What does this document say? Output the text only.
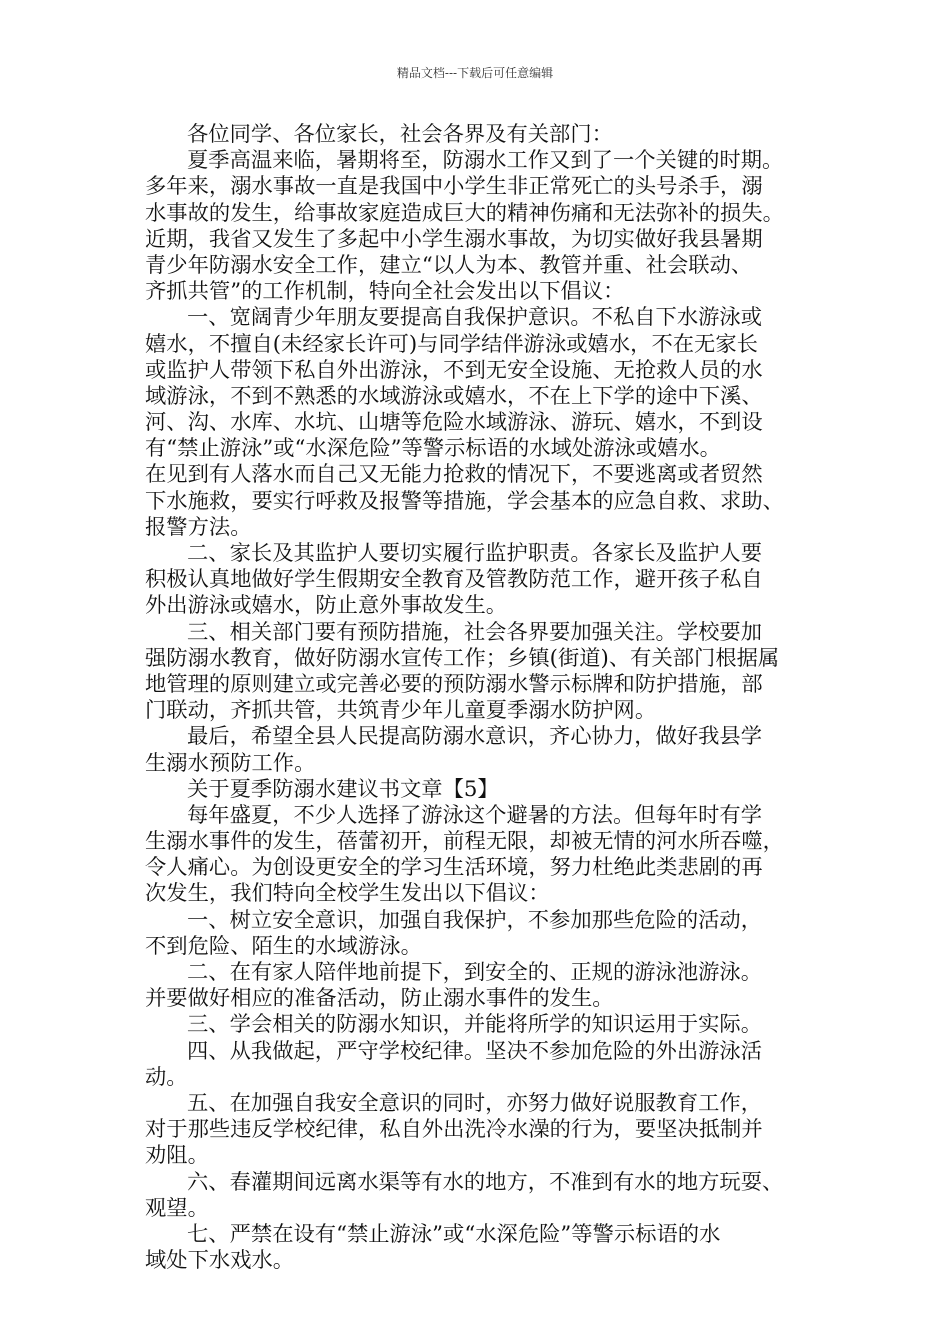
精品文档---下载后可任意编辑
各位同学、各位家长，社会各界及有关部门：
夏季高温来临，暑期将至，防溺水工作又到了一个关键的时期。
多年来，溺水事故一直是我国中小学生非正常死亡的头号杀手，溺
水事故的发生，给事故家庭造成巨大的精神伤痛和无法弥补的损失。
近期，我省又发生了多起中小学生溺水事故，为切实做好我县暑期
青少年防溺水安全工作，建立“以人为本、教管并重、社会联动、
齐抓共管”的工作机制，特向全社会发出以下倡议：
一、宽阔青少年朋友要提高自我保护意识。不私自下水游泳或
嬉水，不擅自(未经家长许可)与同学结伴游泳或嬉水，不在无家长
或监护人带领下私自外出游泳，不到无安全设施、无抢救人员的水
域游泳，不到不熟悉的水域游泳或嬉水，不在上下学的途中下溪、
河、沟、水库、水坑、山塘等危险水域游泳、游玩、嬉水，不到设
有“禁止游泳”或“水深危险”等警示标语的水域处游泳或嬉水。
在见到有人落水而自己又无能力抢救的情况下，不要逃离或者贸然
下水施救，要实行呼救及报警等措施，学会基本的应急自救、求助、
报警方法。
二、家长及其监护人要切实履行监护职责。各家长及监护人要
积极认真地做好学生假期安全教育及管教防范工作，避开孩子私自
外出游泳或嬉水，防止意外事故发生。
三、相关部门要有预防措施，社会各界要加强关注。学校要加
强防溺水教育，做好防溺水宣传工作；乡镇(街道)、有关部门根据属
地管理的原则建立或完善必要的预防溺水警示标牌和防护措施，部
门联动，齐抓共管，共筑青少年儿童夏季溺水防护网。
最后，希望全县人民提高防溺水意识，齐心协力，做好我县学
生溺水预防工作。
关于夏季防溺水建议书文章【5】
每年盛夏，不少人选择了游泳这个避暑的方法。但每年时有学
生溺水事件的发生，蓓蕾初开，前程无限，却被无情的河水所吞噬，
令人痛心。为创设更安全的学习生活环境，努力杜绝此类悲剧的再
次发生，我们特向全校学生发出以下倡议：
一、树立安全意识，加强自我保护，不参加那些危险的活动，
不到危险、陌生的水域游泳。
二、在有家人陪伴地前提下，到安全的、正规的游泳池游泳。
并要做好相应的准备活动，防止溺水事件的发生。
三、学会相关的防溺水知识，并能将所学的知识运用于实际。
四、从我做起，严守学校纪律。坚决不参加危险的外出游泳活
动。
五、在加强自我安全意识的同时，亦努力做好说服教育工作，
对于那些违反学校纪律，私自外出洗冷水澡的行为，要坚决抵制并
劝阻。
六、春灌期间远离水渠等有水的地方，不准到有水的地方玩耍、
观望。
七、严禁在设有“禁止游泳”或“水深危险”等警示标语的水
域处下水戏水。
